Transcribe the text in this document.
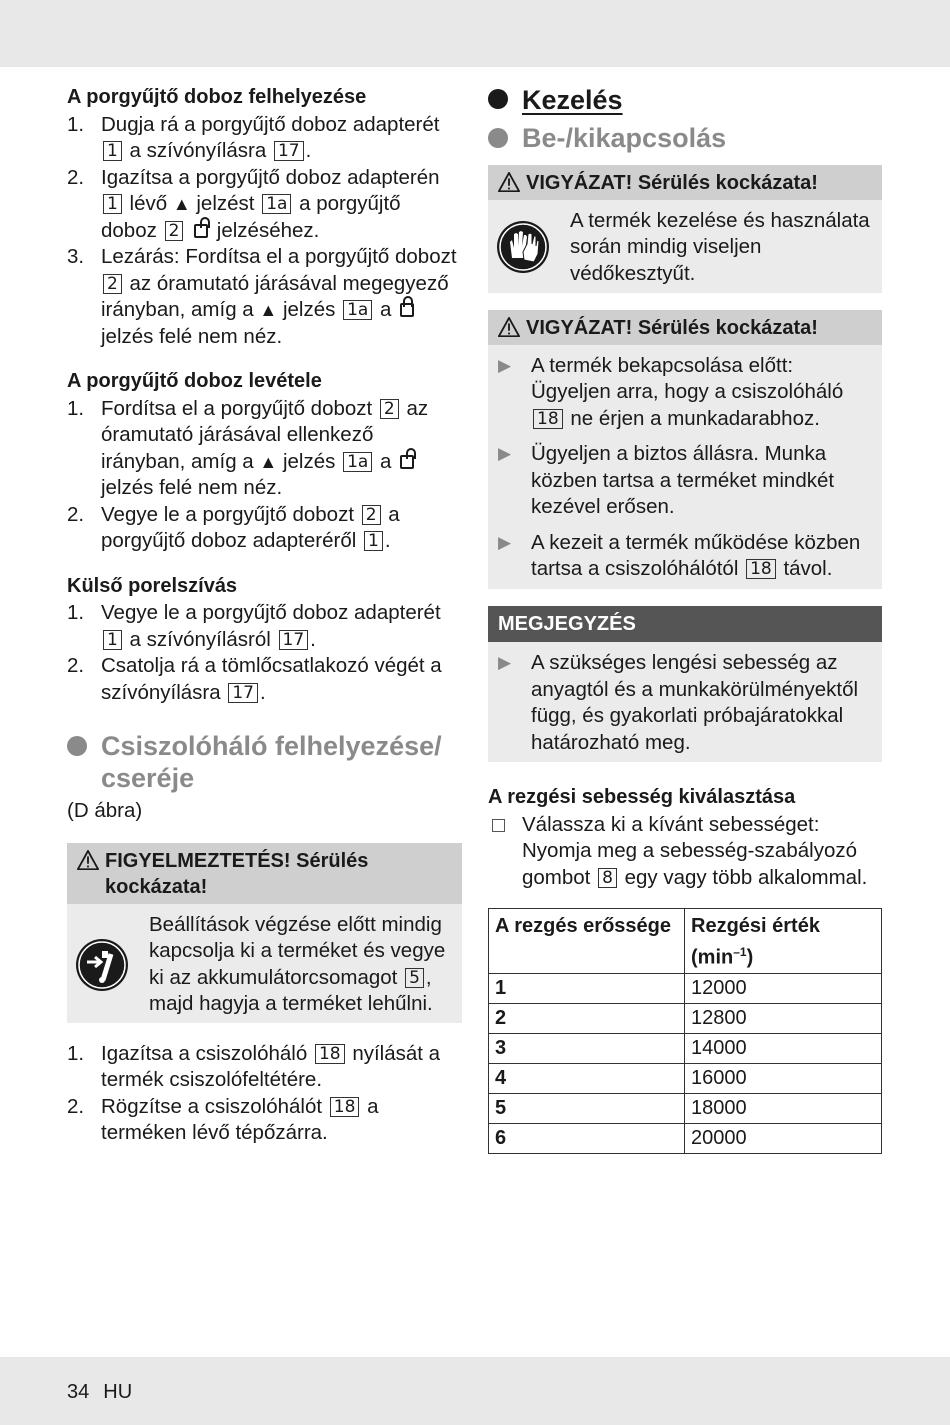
A porgyűjtő doboz felhelyezése
1. Dugja rá a porgyűjtő doboz adapterét 1 a szívónyílásra 17 .
2. Igazítsa a porgyűjtő doboz adapterén 1 lévő ▲ jelzést 1a a porgyűjtő doboz 2 jelzéséhez.
3. Lezárás: Fordítsa el a porgyűjtő dobozt 2 az óramutató járásával megegyező irányban, amíg a ▲ jelzés 1a a  jelzés felé nem néz.
A porgyűjtő doboz levétele
1. Fordítsa el a porgyűjtő dobozt 2 az óramutató járásával ellenkező irányban, amíg a ▲ jelzés 1a a  jelzés felé nem néz.
2. Vegye le a porgyűjtő dobozt 2 a porgyűjtő doboz adapteréről 1 .
Külső porelszívás
1. Vegye le a porgyűjtő doboz adapterét 1 a szívónyílásról 17 .
2. Csatolja rá a tömlőcsatlakozó végét a szívónyílásra 17 .
Csiszolóháló felhelyezése/ cseréje
(D ábra)
FIGYELMEZTETÉS! Sérülés kockázata!
Beállítások végzése előtt mindig kapcsolja ki a terméket és vegye ki az akkumulátorcsomagot 5 , majd hagyja a terméket lehűlni.
1. Igazítsa a csiszolóháló 18 nyílását a termék csiszolófeltétére.
2. Rögzítse a csiszolóhálót 18 a terméken lévő tépőzárra.
Kezelés
Be-/kikapcsolás
VIGYÁZAT! Sérülés kockázata!
A termék kezelése és használata során mindig viseljen védőkesztyűt.
VIGYÁZAT! Sérülés kockázata!
▶ A termék bekapcsolása előtt: Ügyeljen arra, hogy a csiszolóháló 18 ne érjen a munkadarabhoz.
▶ Ügyeljen a biztos állásra. Munka közben tartsa a terméket mindkét kezével erősen.
▶ A kezeit a termék működése közben tartsa a csiszolóhálótól 18 távol.
MEGJEGYZÉS
▶ A szükséges lengési sebesség az anyagtól és a munkakörülményektől függ, és gyakorlati próbajáratokkal határozható meg.
A rezgési sebesség kiválasztása
Válassza ki a kívánt sebességet: Nyomja meg a sebesség-szabályozó gombot 8 egy vagy több alkalommal.
A rezgés erőssége	Rezgési érték
$(\min^{-1})$
1	12000
2	12800
3	14000
4	16000
5	18000
6	20000
34 HU
